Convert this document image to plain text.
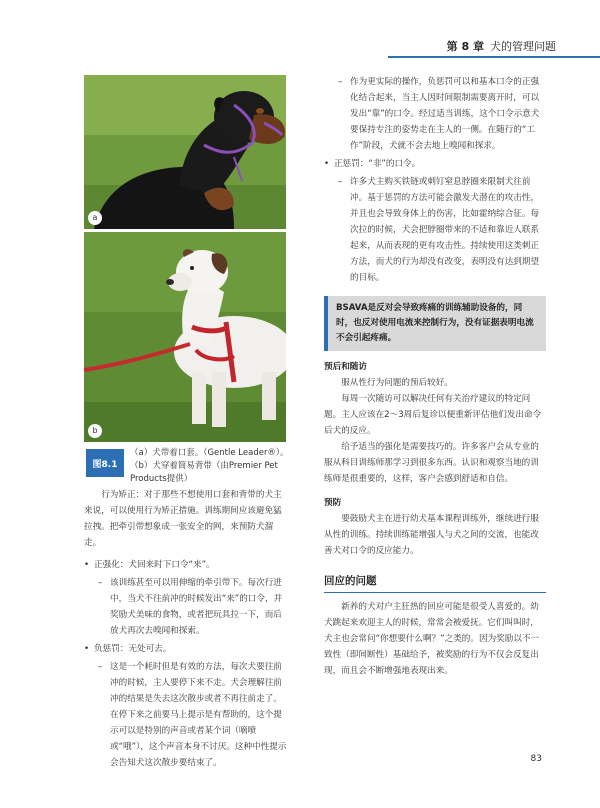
第 8 章 犬的管理问题
a
b
图8.1
（a）犬带着口套。（Gentle Leader®）。（b）犬穿着简易背带（由Premier Pet Products提供）

行为矫正：对于那些不想使用口套和背带的犬主来说，可以使用行为矫正措施。训练期间应该避免猛拉拽。把牵引带想象成一张安全的网，来预防犬溜走。

• 正强化：犬回来时下口令“来”。

– 该训练甚至可以用伸缩的牵引带下。每次行进中，当犬不往前冲的时候发出“来”的口令，并奖励犬美味的食物，或者把玩具拉一下，而后放犬再次去嗅闻和探索。

• 负惩罚：无处可去。

– 这是一个耗时但是有效的方法，每次犬要往前冲的时候，主人要停下来不走。犬会理解往前冲的结果是失去这次散步或者不再往前走了。在停下来之前要马上提示是有帮助的，这个提示可以是特别的声音或者某个词（嘀喷或“哦”），这个声音本身不讨厌。这种中性提示会告知犬这次散步要结束了。

– 作为更实际的操作，负惩罚可以和基本口令的正强化结合起来，当主人因时间限制需要离开时，可以发出“靠”的口令。经过适当训练，这个口令示意犬要保持专注的姿势走在主人的一侧。在随行的“工作”阶段，犬就不会去地上嗅闻和探求。

• 正惩罚：“非”的口令。

– 许多犬主购买铁链或刺钉窒息脖圈来限制犬往前冲。基于惩罚的方法可能会激发犬潜在的攻击性，并且也会导致身体上的伤害，比如霍纳综合征。每次拉的时候，犬会把脖圈带来的不适和靠近人联系起来，从而表现的更有攻击性。持续使用这类刺正方法，而犬的行为却没有改变，表明没有达到期望的目标。

BSAVA是反对会导致疼痛的训练辅助设备的，同时，也反对使用电流来控制行为，没有证据表明电流不会引起疼痛。

预后和随访

服从性行为问题的预后较好。

每周一次随访可以解决任何有关治疗建议的特定问题。主人应该在2～3周后复诊以便重新评估他们发出命令后犬的反应。

给予适当的强化是需要技巧的。许多客户会从专业的服从科目训练师那学习到很多东西。认识和观察当地的训练师是很重要的，这样，客户会感到舒适和自信。

预防

要鼓励犬主在进行幼犬基本课程训练外，继续进行服从性的训练。持续训练能增强人与犬之间的交流，也能改善犬对口令的反应能力。

回应的问题

新养的犬对户主狂热的回应可能是很受人喜爱的。幼犬跳起来欢迎主人的时候，常常会被爱抚。它们叫叫时，犬主也会常问“你想要什么啊？”之类的。因为奖励以不一致性（即间断性）基础给予，被奖励的行为不仅会反复出现，而且会不断增强地表现出来。

83
